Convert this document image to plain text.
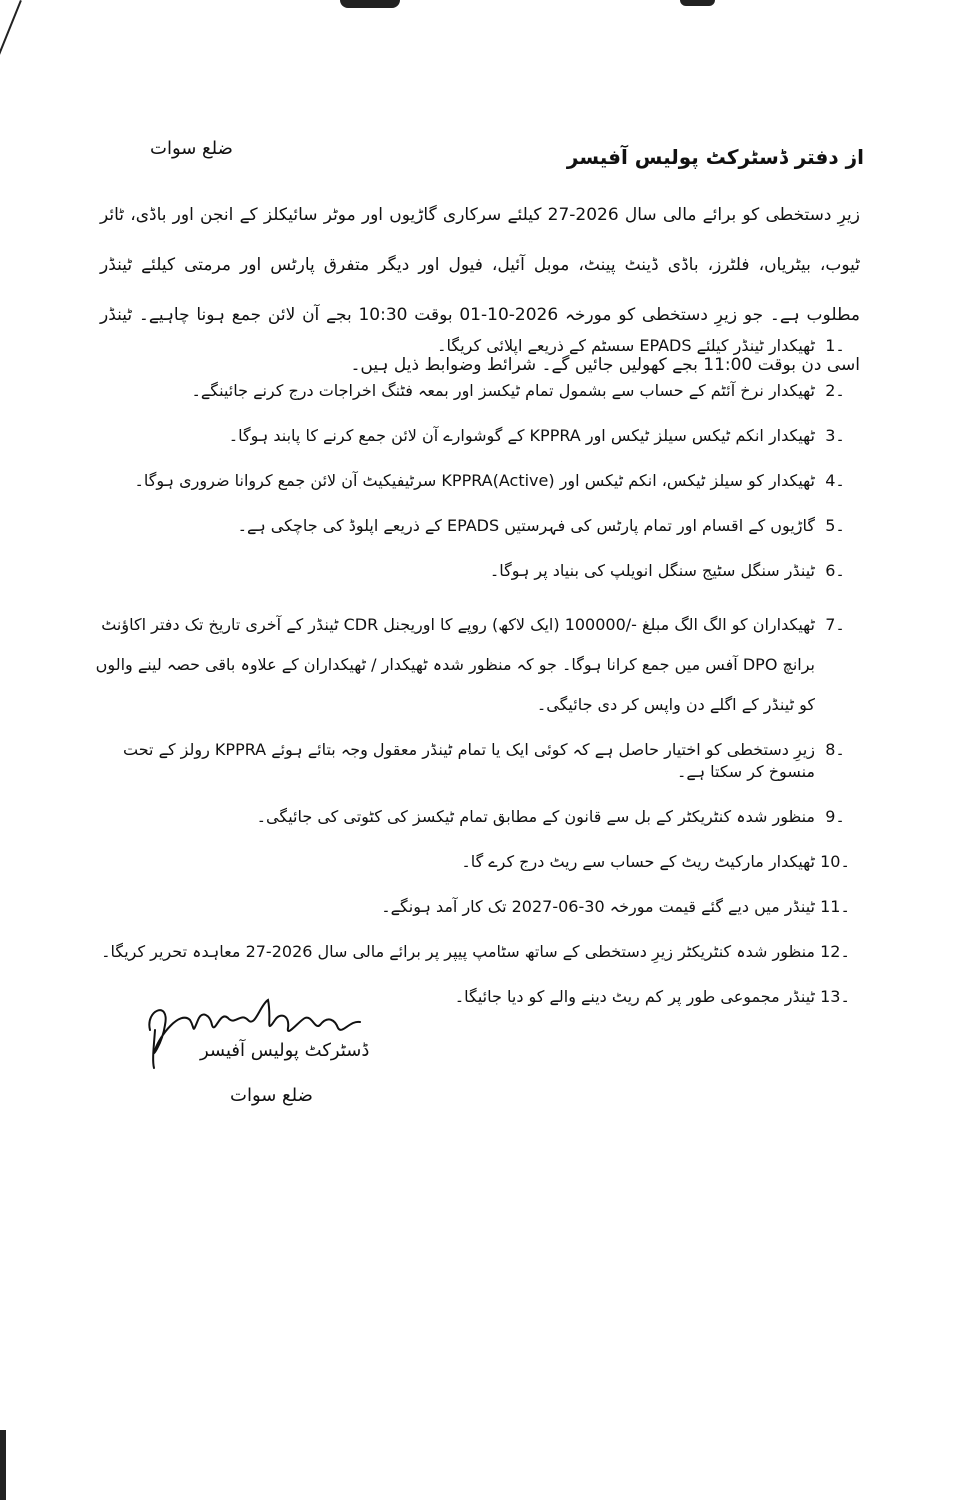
ضلع سوات	از دفتر ڈسٹرکٹ پولیس آفیسر
زیرِ دستخطی کو برائے مالی سال 2026-27 کیلئے سرکاری گاڑیوں اور موٹر سائیکلز کے انجن اور باڈی، ٹائر ٹیوب، بیٹریاں، فلٹرز، باڈی ڈینٹ پینٹ، موبل آئیل، فیول اور دیگر متفرق پارٹس اور مرمتی کیلئے ٹینڈر مطلوب ہے۔ جو زیرِ دستخطی کو مورخہ 2026-10-01 بوقت 10:30 بجے آن لائن جمع ہونا چاہیے۔ ٹینڈر اسی دن بوقت 11:00 بجے کھولیں جائیں گے۔ شرائط وضوابط ذیل ہیں۔
1۔
ٹھیکدار ٹینڈر کیلئے EPADS سسٹم کے ذریعے اپلائی کریگا۔
2۔
ٹھیکدار نرخ آئٹم کے حساب سے بشمول تمام ٹیکسز اور بمعہ فٹنگ اخراجات درج کرنے جائینگے۔
3۔
ٹھیکدار انکم ٹیکس سیلز ٹیکس اور KPPRA کے گوشوارے آن لائن جمع کرنے کا پابند ہوگا۔
4۔
ٹھیکدار کو سیلز ٹیکس، انکم ٹیکس اور (Active)KPPRA سرٹیفیکیٹ آن لائن جمع کروانا ضروری ہوگا۔
5۔
گاڑیوں کے اقسام اور تمام پارٹس کی فہرستیں EPADS کے ذریعے اپلوڈ کی جاچکی ہے۔
6۔
ٹینڈر سنگل سٹیج سنگل انویلپ کی بنیاد پر ہوگا۔
7۔
ٹھیکداران کو الگ الگ مبلغ -/100000 (ایک لاکھ) روپے کا اوریجنل CDR ٹینڈر کے آخری تاریخ تک دفتر اکاؤنٹ برانچ DPO آفس میں جمع کرانا ہوگا۔ جو کہ منظور شدہ ٹھیکدار / ٹھیکداران کے علاوہ باقی حصہ لینے والوں کو ٹینڈر کے اگلے دن واپس کر دی جائیگی۔
8۔
زیرِ دستخطی کو اختیار حاصل ہے کہ کوئی ایک یا تمام ٹینڈر معقول وجہ بتائے ہوئے KPPRA رولز کے تحت منسوخ کر سکتا ہے۔
9۔
منظور شدہ کنٹریکٹر کے بل سے قانون کے مطابق تمام ٹیکسز کی کٹوتی کی جائیگی۔
10۔
ٹھیکدار مارکیٹ ریٹ کے حساب سے ریٹ درج کرے گا۔
11۔
ٹینڈر میں دیے گئے قیمت مورخہ 30-06-2027 تک کار آمد ہونگے۔
12۔
منظور شدہ کنٹریکٹر زیرِ دستخطی کے ساتھ سٹامپ پیپر پر برائے مالی سال 2026-27 معاہدہ تحریر کریگا۔
13۔
ٹینڈر مجموعی طور پر کم ریٹ دینے والے کو دیا جائیگا۔
ڈسٹرکٹ پولیس آفیسر
ضلع سوات
